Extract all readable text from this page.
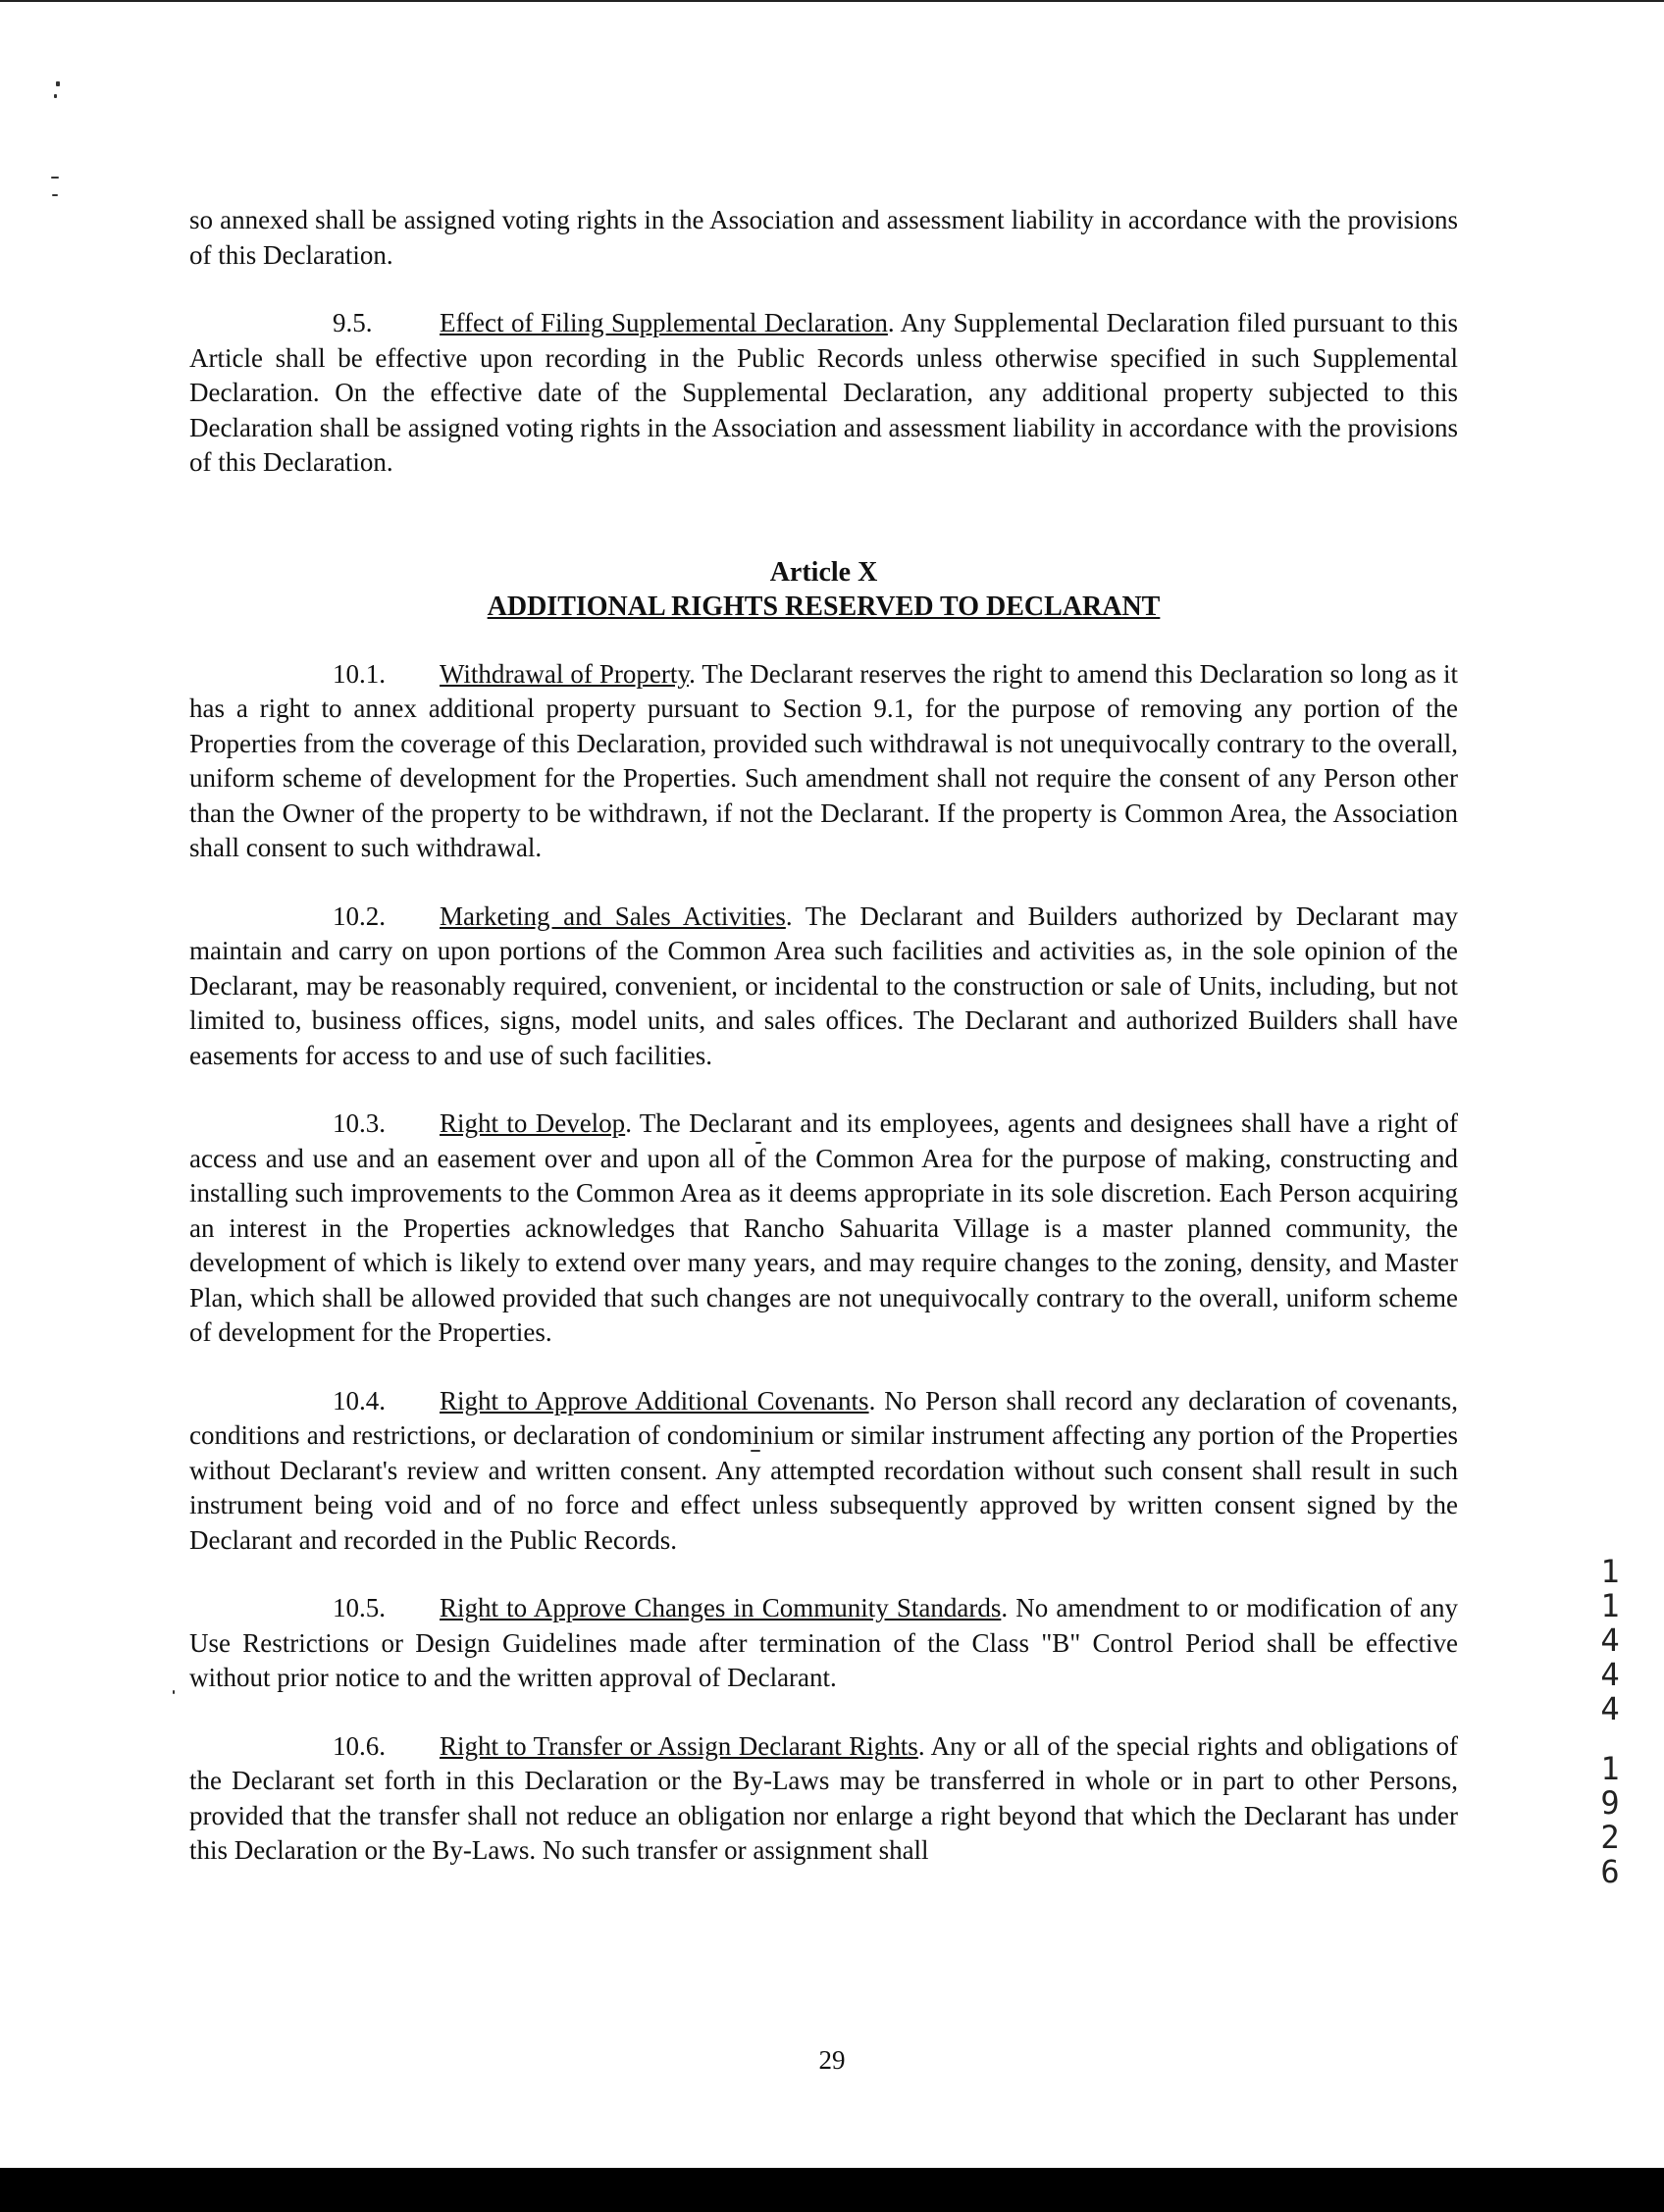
so annexed shall be assigned voting rights in the Association and assessment liability in accordance with the provisions of this Declaration.

9.5.	Effect of Filing Supplemental Declaration. Any Supplemental Declaration filed pursuant to this Article shall be effective upon recording in the Public Records unless otherwise specified in such Supplemental Declaration. On the effective date of the Supplemental Declaration, any additional property subjected to this Declaration shall be assigned voting rights in the Association and assessment liability in accordance with the provisions of this Declaration.

Article X
ADDITIONAL RIGHTS RESERVED TO DECLARANT

10.1. Withdrawal of Property. The Declarant reserves the right to amend this Declaration so long as it has a right to annex additional property pursuant to Section 9.1, for the purpose of removing any portion of the Properties from the coverage of this Declaration, provided such withdrawal is not unequivocally contrary to the overall, uniform scheme of development for the Properties. Such amendment shall not require the consent of any Person other than the Owner of the property to be withdrawn, if not the Declarant. If the property is Common Area, the Association shall consent to such withdrawal.

10.2. Marketing and Sales Activities. The Declarant and Builders authorized by Declarant may maintain and carry on upon portions of the Common Area such facilities and activities as, in the sole opinion of the Declarant, may be reasonably required, convenient, or incidental to the construction or sale of Units, including, but not limited to, business offices, signs, model units, and sales offices. The Declarant and authorized Builders shall have easements for access to and use of such facilities.

10.3. Right to Develop. The Declarant and its employees, agents and designees shall have a right of access and use and an easement over and upon all of the Common Area for the purpose of making, constructing and installing such improvements to the Common Area as it deems appropriate in its sole discretion. Each Person acquiring an interest in the Properties acknowledges that Rancho Sahuarita Village is a master planned community, the development of which is likely to extend over many years, and may require changes to the zoning, density, and Master Plan, which shall be allowed provided that such changes are not unequivocally contrary to the overall, uniform scheme of development for the Properties.

10.4. Right to Approve Additional Covenants. No Person shall record any declaration of covenants, conditions and restrictions, or declaration of condominium or similar instrument affecting any portion of the Properties without Declarant's review and written consent. Any attempted recordation without such consent shall result in such instrument being void and of no force and effect unless subsequently approved by written consent signed by the Declarant and recorded in the Public Records.

10.5. Right to Approve Changes in Community Standards. No amendment to or modification of any Use Restrictions or Design Guidelines made after termination of the Class "B" Control Period shall be effective without prior notice to and the written approval of Declarant.

10.6. Right to Transfer or Assign Declarant Rights. Any or all of the special rights and obligations of the Declarant set forth in this Declaration or the By-Laws may be transferred in whole or in part to other Persons, provided that the transfer shall not reduce an obligation nor enlarge a right beyond that which the Declarant has under this Declaration or the By-Laws. No such transfer or assignment shall

1
1
4
4
4
1
9
2
6
29
